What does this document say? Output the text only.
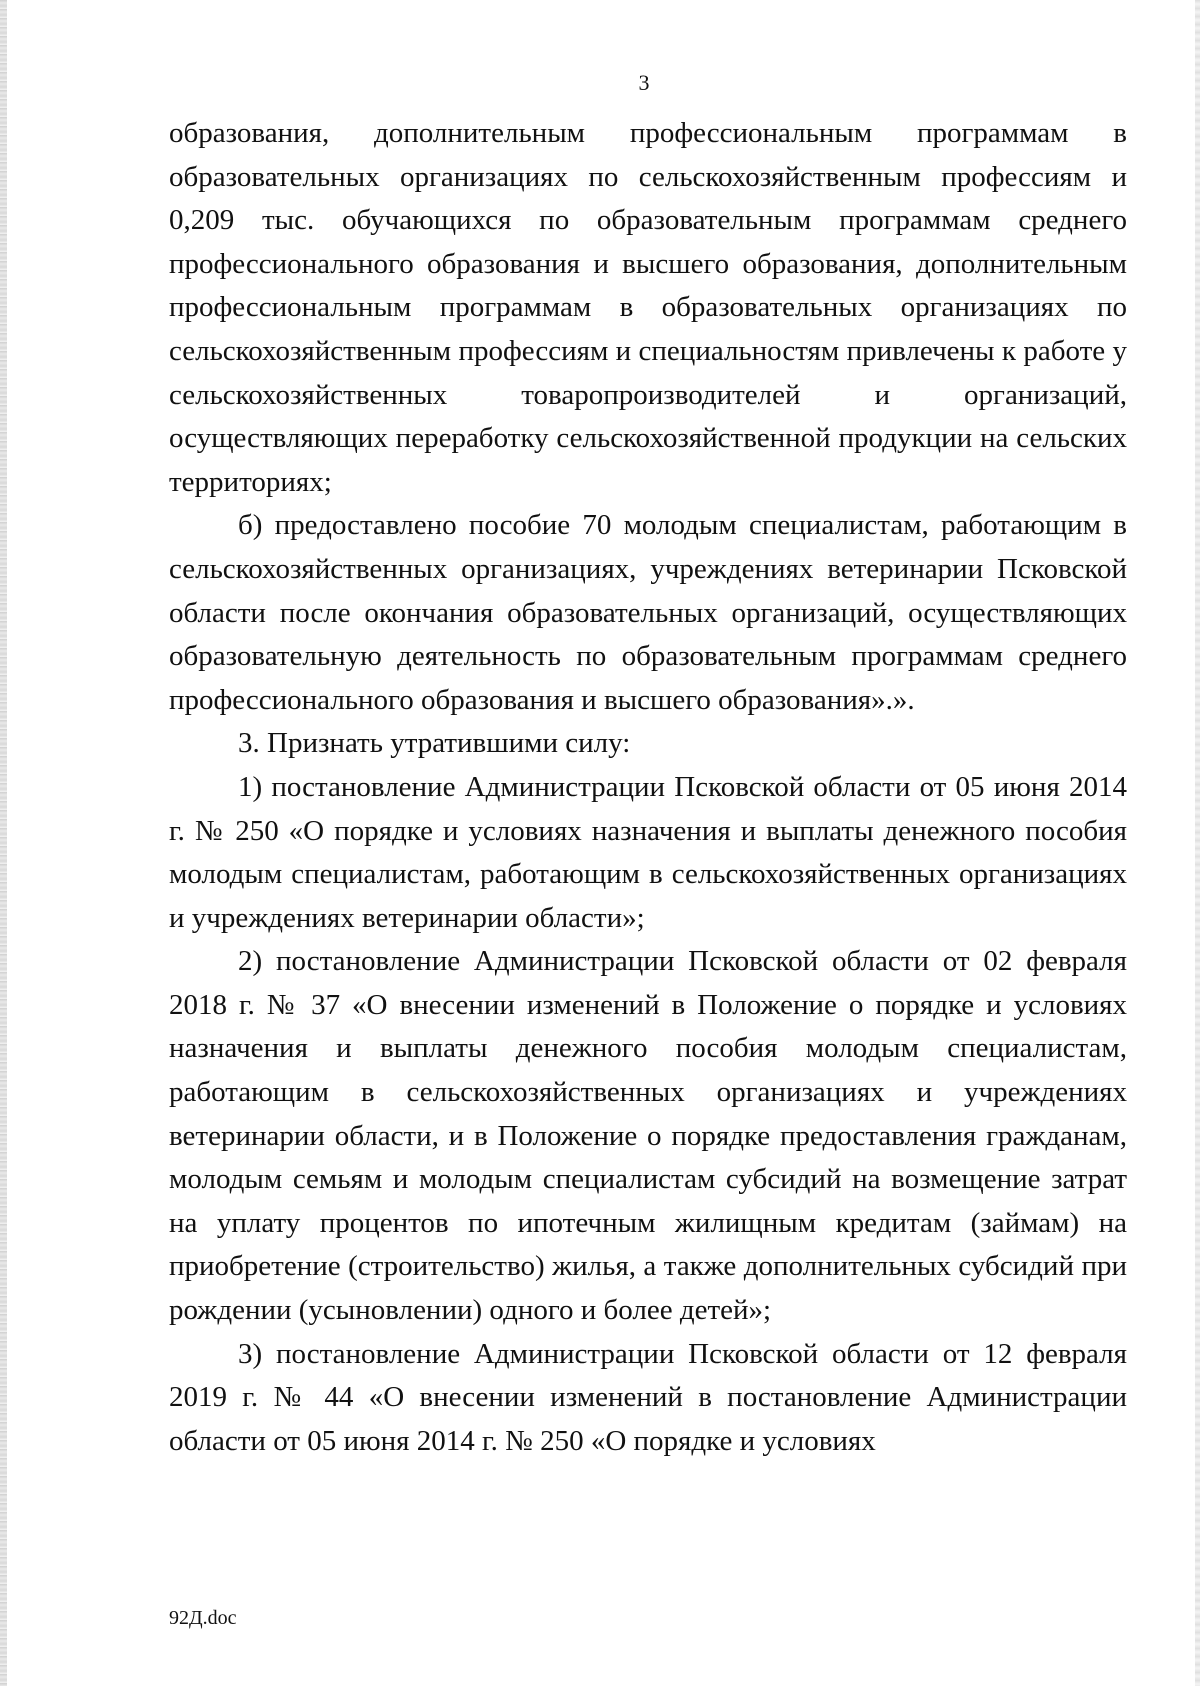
3

образования, дополнительным профессиональным программам в образовательных организациях по сельскохозяйственным профессиям и 0,209 тыс. обучающихся по образовательным программам среднего профессионального образования и высшего образования, дополнительным профессиональным программам в образовательных организациях по сельскохозяйственным профессиям и специальностям привлечены к работе у сельскохозяйственных товаропроизводителей и организаций, осуществляющих переработку сельскохозяйственной продукции на сельских территориях;

б) предоставлено пособие 70 молодым специалистам, работающим в сельскохозяйственных организациях, учреждениях ветеринарии Псковской области после окончания образовательных организаций, осуществляющих образовательную деятельность по образовательным программам среднего профессионального образования и высшего образования».».

3. Признать утратившими силу:

1) постановление Администрации Псковской области от 05 июня 2014 г. № 250 «О порядке и условиях назначения и выплаты денежного пособия молодым специалистам, работающим в сельскохозяйственных организациях и учреждениях ветеринарии области»;

2) постановление Администрации Псковской области от 02 февраля 2018 г. № 37 «О внесении изменений в Положение о порядке и условиях назначения и выплаты денежного пособия молодым специалистам, работающим в сельскохозяйственных организациях и учреждениях ветеринарии области, и в Положение о порядке предоставления гражданам, молодым семьям и молодым специалистам субсидий на возмещение затрат на уплату процентов по ипотечным жилищным кредитам (займам) на приобретение (строительство) жилья, а также дополнительных субсидий при рождении (усыновлении) одного и более детей»;

3) постановление Администрации Псковской области от 12 февраля 2019 г. № 44 «О внесении изменений в постановление Администрации области от 05 июня 2014 г. № 250 «О порядке и условиях

92Д.doc
